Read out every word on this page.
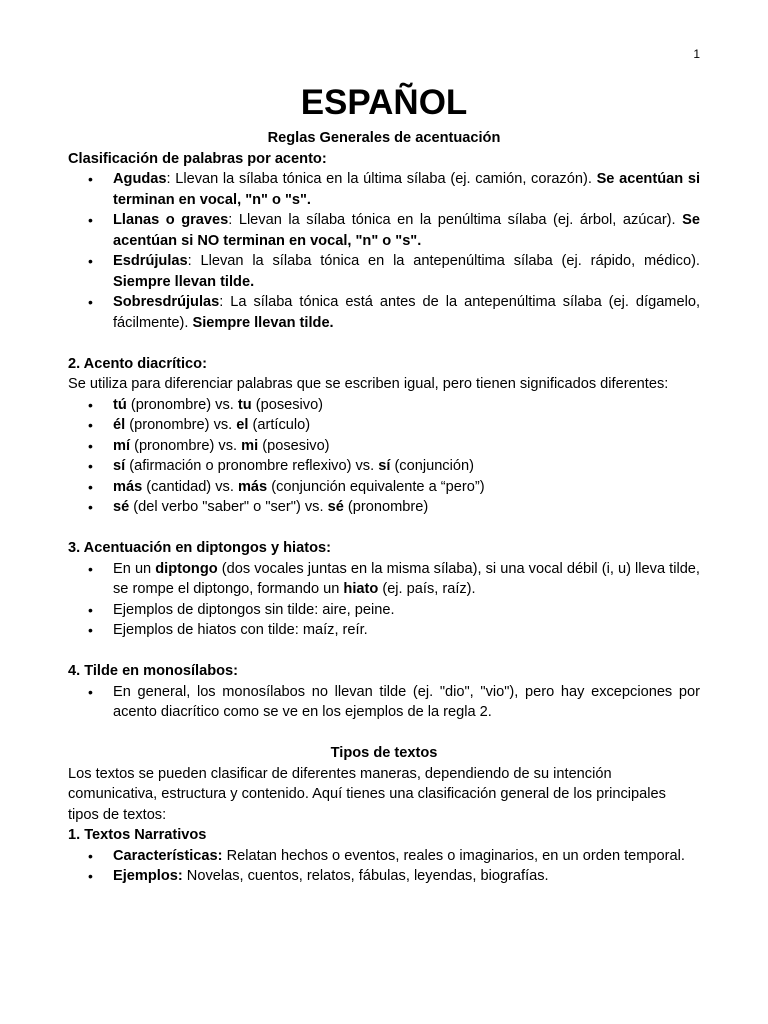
1
ESPAÑOL
Reglas Generales de acentuación
Clasificación de palabras por acento:
• Agudas: Llevan la sílaba tónica en la última sílaba (ej. camión, corazón). Se acentúan si terminan en vocal, "n" o "s".
• Llanas o graves: Llevan la sílaba tónica en la penúltima sílaba (ej. árbol, azúcar). Se acentúan si NO terminan en vocal, "n" o "s".
• Esdrújulas: Llevan la sílaba tónica en la antepenúltima sílaba (ej. rápido, médico). Siempre llevan tilde.
• Sobresdrújulas: La sílaba tónica está antes de la antepenúltima sílaba (ej. dígamelo, fácilmente). Siempre llevan tilde.
2. Acento diacrítico:

Se utiliza para diferenciar palabras que se escriben igual, pero tienen significados diferentes:

• tú (pronombre) vs. tu (posesivo)
• él (pronombre) vs. el (artículo)
• mí (pronombre) vs. mi (posesivo)
• sí (afirmación o pronombre reflexivo) vs. sí (conjunción)
• más (cantidad) vs. más (conjunción equivalente a “pero”)
• sé (del verbo "saber" o "ser") vs. sé (pronombre)
3. Acentuación en diptongos y hiatos:
• En un diptongo (dos vocales juntas en la misma sílaba), si una vocal débil (i, u) lleva tilde, se rompe el diptongo, formando un hiato (ej. país, raíz).
• Ejemplos de diptongos sin tilde: aire, peine.
• Ejemplos de hiatos con tilde: maíz, reír.
4. Tilde en monosílabos:
• En general, los monosílabos no llevan tilde (ej. "dio", "vio"), pero hay excepciones por acento diacrítico como se ve en los ejemplos de la regla 2.
Tipos de textos

Los textos se pueden clasificar de diferentes maneras, dependiendo de su intención comunicativa, estructura y contenido. Aquí tienes una clasificación general de los principales tipos de textos:

1. Textos Narrativos
• Características: Relatan hechos o eventos, reales o imaginarios, en un orden temporal.
• Ejemplos: Novelas, cuentos, relatos, fábulas, leyendas, biografías.
